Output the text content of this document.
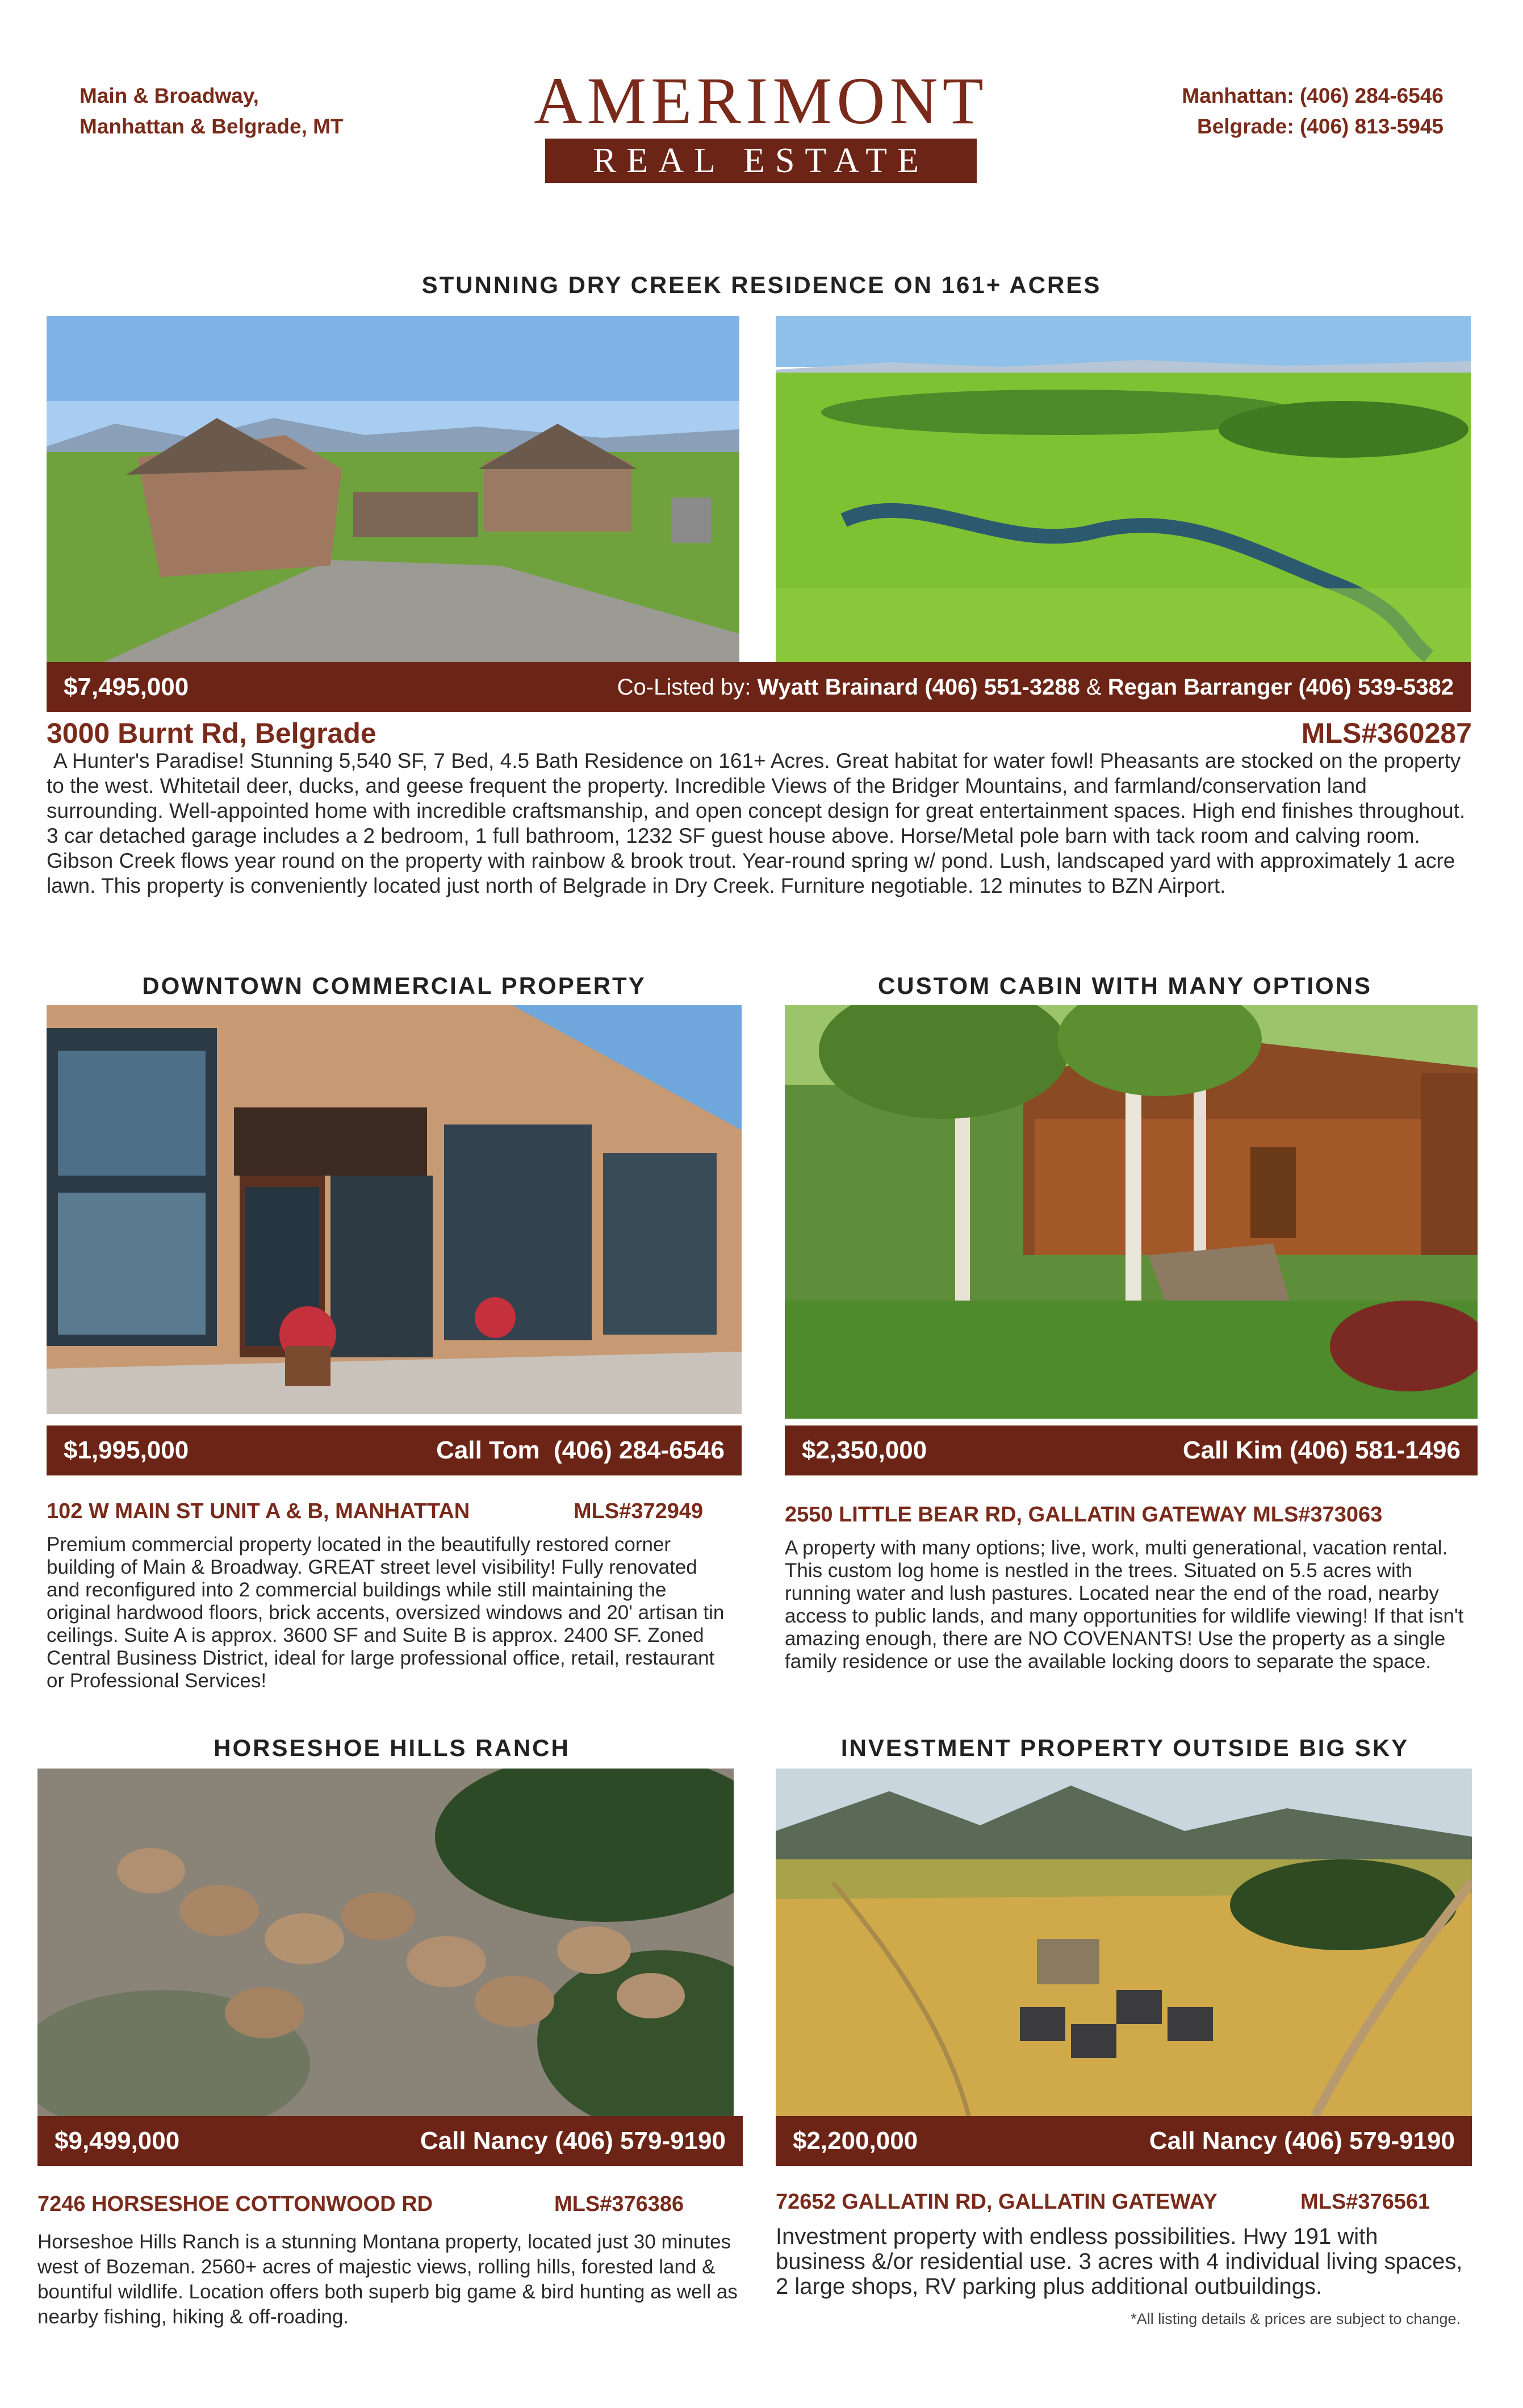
Main & Broadway,
Manhattan & Belgrade, MT	AMERIMONT
REAL ESTATE
Manhattan: (406) 284-6546
Belgrade: (406) 813-5945
STUNNING DRY CREEK RESIDENCE ON 161+ ACRES
$7,495,000	Co-Listed by: Wyatt Brainard (406) 551-3288 & Regan Barranger (406) 539-5382
3000 Burnt Rd, Belgrade	MLS#360287
A Hunter's Paradise! Stunning 5,540 SF, 7 Bed, 4.5 Bath Residence on 161+ Acres. Great habitat for water fowl! Pheasants are stocked on the property to the west. Whitetail deer, ducks, and geese frequent the property. Incredible Views of the Bridger Mountains, and farmland/conservation land surrounding. Well-appointed home with incredible craftsmanship, and open concept design for great entertainment spaces. High end finishes throughout. 3 car detached garage includes a 2 bedroom, 1 full bathroom, 1232 SF guest house above. Horse/Metal pole barn with tack room and calving room. Gibson Creek flows year round on the property with rainbow & brook trout. Year-round spring w/ pond. Lush, landscaped yard with approximately 1 acre lawn. This property is conveniently located just north of Belgrade in Dry Creek. Furniture negotiable. 12 minutes to BZN Airport.
DOWNTOWN COMMERCIAL PROPERTY
$1,995,000	Call Tom  (406) 284-6546
102 W MAIN ST UNIT A & B, MANHATTAN	MLS#372949
Premium commercial property located in the beautifully restored corner building of Main & Broadway. GREAT street level visibility! Fully renovated and reconfigured into 2 commercial buildings while still maintaining the original hardwood floors, brick accents, oversized windows and 20' artisan tin ceilings. Suite A is approx. 3600 SF and Suite B is approx. 2400 SF. Zoned Central Business District, ideal for large professional office, retail, restaurant or Professional Services!
CUSTOM CABIN WITH MANY OPTIONS
$2,350,000	Call Kim (406) 581-1496
2550 LITTLE BEAR RD, GALLATIN GATEWAY MLS#373063
A property with many options; live, work, multi generational, vacation rental. This custom log home is nestled in the trees. Situated on 5.5 acres with running water and lush pastures. Located near the end of the road, nearby access to public lands, and many opportunities for wildlife viewing! If that isn't amazing enough, there are NO COVENANTS! Use the property as a single family residence or use the available locking doors to separate the space.
HORSESHOE HILLS RANCH
$9,499,000	Call Nancy (406) 579-9190
7246 HORSESHOE COTTONWOOD RD	MLS#376386
Horseshoe Hills Ranch is a stunning Montana property, located just 30 minutes west of Bozeman. 2560+ acres of majestic views, rolling hills, forested land & bountiful wildlife. Location offers both superb big game & bird hunting as well as nearby fishing, hiking & off-roading.
INVESTMENT PROPERTY OUTSIDE BIG SKY
$2,200,000	Call Nancy (406) 579-9190
72652 GALLATIN RD, GALLATIN GATEWAY	MLS#376561
Investment property with endless possibilities. Hwy 191 with business &/or residential use. 3 acres with 4 individual living spaces, 2 large shops, RV parking plus additional outbuildings.
*All listing details & prices are subject to change.
